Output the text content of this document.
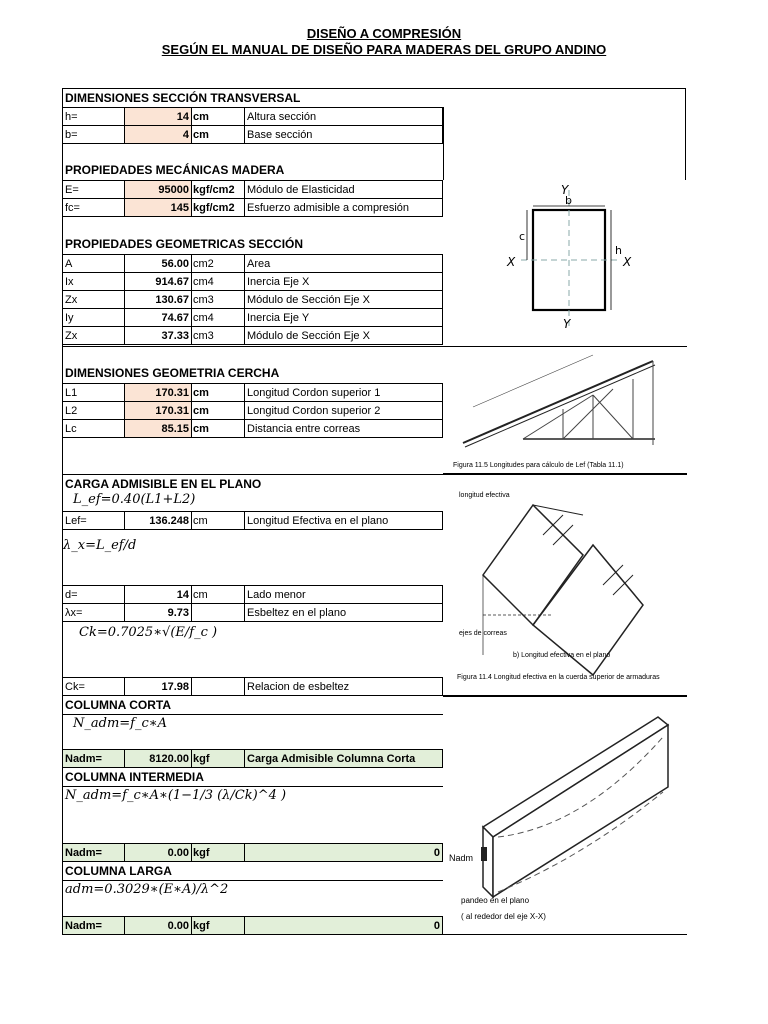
DISEÑO A COMPRESIÓN
SEGÚN EL MANUAL DE DISEÑO PARA MADERAS DEL GRUPO ANDINO
DIMENSIONES SECCIÓN TRANSVERSAL
h=	14 cm	Altura sección
b=	4 cm	Base sección
PROPIEDADES MECÁNICAS MADERA
E=	95000 kgf/cm2	Módulo de Elasticidad
fc=	145 kgf/cm2	Esfuerzo admisible a compresión
PROPIEDADES GEOMETRICAS SECCIÓN
A	56.00 cm2	Area
Ix	914.67 cm4	Inercia Eje X
Zx	130.67 cm3	Módulo de Sección Eje X
Iy	74.67 cm4	Inercia Eje Y
Zx	37.33 cm3	Módulo de Sección Eje X
DIMENSIONES GEOMETRIA CERCHA
L1	170.31 cm	Longitud Cordon superior 1
L2	170.31 cm	Longitud Cordon superior 2
Lc	85.15 cm	Distancia entre correas
CARGA ADMISIBLE EN EL PLANO
L_ef=0.40(L1+L2)
Lef=	136.248 cm	Longitud Efectiva en el plano
λ_x=L_ef/d
d=	14 cm	Lado menor
λx=	9.73	Esbeltez en el plano
Ck=0.7025∗√(E/f_c )
Ck=	17.98	Relacion de esbeltez
COLUMNA CORTA
N_adm=f_c∗A
Nadm=	8120.00 kgf	Carga Admisible Columna Corta
COLUMNA INTERMEDIA
N_adm=f_c∗A∗(1−1/3 (λ/Ck)^4 )
Nadm=	0.00 kgf	0
COLUMNA LARGA
adm=0.3029∗(E∗A)/λ^2
Nadm=	0.00 kgf	0
Y
b
c
h
X	X
Y
Figura 11.5 Longitudes para cálculo de Lef (Tabla 11.1)
longitud efectiva
ejes de correas
b) Longitud efectiva en el plano
Figura 11.4 Longitud efectiva en la cuerda superior de armaduras
Nadm
pandeo en el plano
( al rededor del eje X-X)
